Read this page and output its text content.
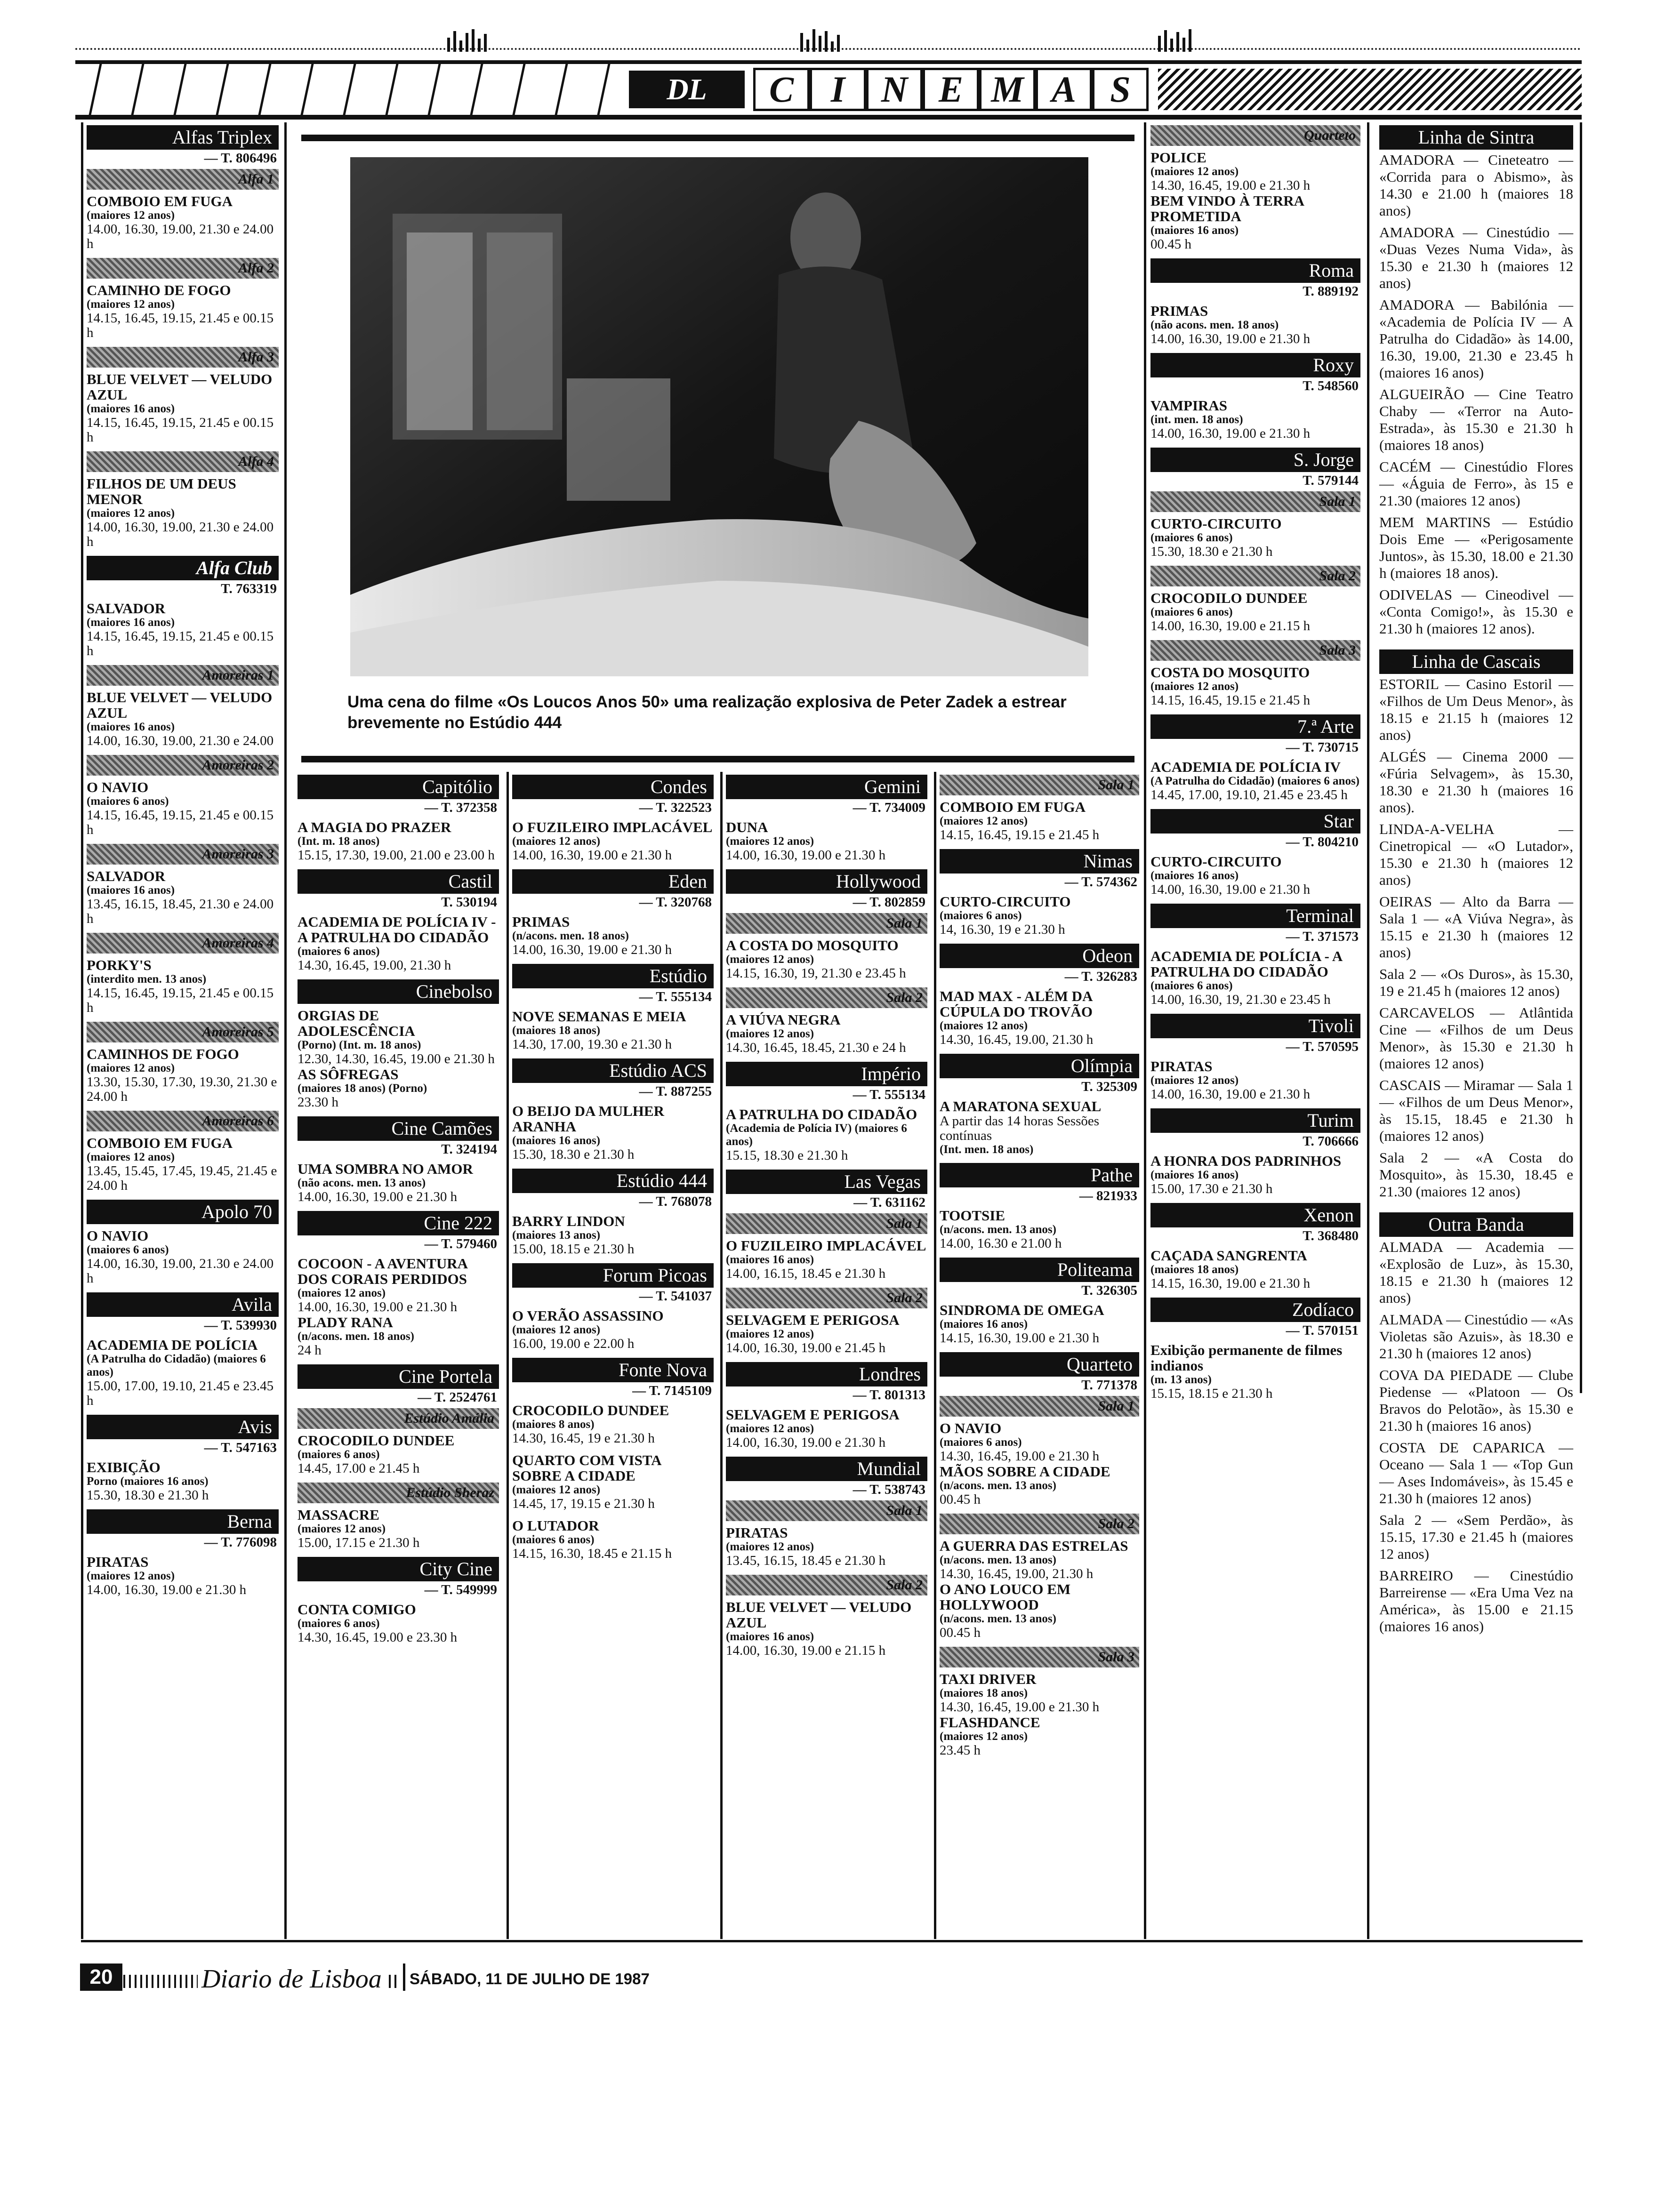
DL	C	I N E M A S
Uma cena do filme «Os Loucos Anos 50» uma realização explosiva de Peter Zadek a estrear brevemente no Estúdio 444
Alfas Triplex
— T. 806496
Alfa 1
COMBOIO EM FUGA
(maiores 12 anos)
14.00, 16.30, 19.00, 21.30 e 24.00 h
Alfa 2
CAMINHO DE FOGO
(maiores 12 anos)
14.15, 16.45, 19.15, 21.45 e 00.15 h
Alfa 3
BLUE VELVET — VELUDO AZUL
(maiores 16 anos)
14.15, 16.45, 19.15, 21.45 e 00.15 h
Alfa 4
FILHOS DE UM DEUS MENOR
(maiores 12 anos)
14.00, 16.30, 19.00, 21.30 e 24.00 h
Alfa Club
T. 763319
SALVADOR
(maiores 16 anos)
14.15, 16.45, 19.15, 21.45 e 00.15 h
Amoreiras 1
BLUE VELVET — VELUDO AZUL
(maiores 16 anos)
14.00, 16.30, 19.00, 21.30 e 24.00
Amoreiras 2
O NAVIO
(maiores 6 anos)
14.15, 16.45, 19.15, 21.45 e 00.15 h
Amoreiras 3
SALVADOR
(maiores 16 anos)
13.45, 16.15, 18.45, 21.30 e 24.00 h
Amoreiras 4
PORKY'S
(interdito men. 13 anos)
14.15, 16.45, 19.15, 21.45 e 00.15 h
Amoreiras 5
CAMINHOS DE FOGO
(maiores 12 anos)
13.30, 15.30, 17.30, 19.30, 21.30 e 24.00 h
Amoreiras 6
COMBOIO EM FUGA
(maiores 12 anos)
13.45, 15.45, 17.45, 19.45, 21.45 e 24.00 h
Apolo 70
O NAVIO
(maiores 6 anos)
14.00, 16.30, 19.00, 21.30 e 24.00 h
Avila
— T. 539930
ACADEMIA DE POLÍCIA
(A Patrulha do Cidadão) (maiores 6 anos)
15.00, 17.00, 19.10, 21.45 e 23.45 h
Avis
— T. 547163
EXIBIÇÃO
Porno (maiores 16 anos)
15.30, 18.30 e 21.30 h
Berna
— T. 776098
PIRATAS
(maiores 12 anos)
14.00, 16.30, 19.00 e 21.30 h
Capitólio
— T. 372358
A MAGIA DO PRAZER
(Int. m. 18 anos)
15.15, 17.30, 19.00, 21.00 e 23.00 h
Castil
T. 530194
ACADEMIA DE POLÍCIA IV - A PATRULHA DO CIDADÃO
(maiores 6 anos)
14.30, 16.45, 19.00, 21.30 h
Cinebolso
ORGIAS DE ADOLESCÊNCIA
(Porno) (Int. m. 18 anos)
12.30, 14.30, 16.45, 19.00 e 21.30 h
AS SÔFREGAS
(maiores 18 anos) (Porno)
23.30 h
Cine Camões
T. 324194
UMA SOMBRA NO AMOR
(não acons. men. 13 anos)
14.00, 16.30, 19.00 e 21.30 h
Cine 222
— T. 579460
COCOON - A AVENTURA DOS CORAIS PERDIDOS
(maiores 12 anos)
14.00, 16.30, 19.00 e 21.30 h
PLADY RANA
(n/acons. men. 18 anos)
24 h
Cine Portela
— T. 2524761
Estúdio Amália
CROCODILO DUNDEE
(maiores 6 anos)
14.45, 17.00 e 21.45 h
Estúdio Sheraz
MASSACRE
(maiores 12 anos)
15.00, 17.15 e 21.30 h
City Cine
— T. 549999
CONTA COMIGO
(maiores 6 anos)
14.30, 16.45, 19.00 e 23.30 h
Condes
— T. 322523
O FUZILEIRO IMPLACÁVEL
(maiores 12 anos)
14.00, 16.30, 19.00 e 21.30 h
Eden
— T. 320768
PRIMAS
(n/acons. men. 18 anos)
14.00, 16.30, 19.00 e 21.30 h
Estúdio
— T. 555134
NOVE SEMANAS E MEIA
(maiores 18 anos)
14.30, 17.00, 19.30 e 21.30 h
Estúdio ACS
— T. 887255
O BEIJO DA MULHER ARANHA
(maiores 16 anos)
15.30, 18.30 e 21.30 h
Estúdio 444
— T. 768078
BARRY LINDON
(maiores 13 anos)
15.00, 18.15 e 21.30 h
Forum Picoas
— T. 541037
O VERÃO ASSASSINO
(maiores 12 anos)
16.00, 19.00 e 22.00 h
Fonte Nova
— T. 7145109
CROCODILO DUNDEE
(maiores 8 anos)
14.30, 16.45, 19 e 21.30 h
QUARTO COM VISTA SOBRE A CIDADE
(maiores 12 anos)
14.45, 17, 19.15 e 21.30 h
O LUTADOR
(maiores 6 anos)
14.15, 16.30, 18.45 e 21.15 h
Gemini
— T. 734009
DUNA
(maiores 12 anos)
14.00, 16.30, 19.00 e 21.30 h
Hollywood
— T. 802859
Sala 1
A COSTA DO MOSQUITO
(maiores 12 anos)
14.15, 16.30, 19, 21.30 e 23.45 h
Sala 2
A VIÚVA NEGRA
(maiores 12 anos)
14.30, 16.45, 18.45, 21.30 e 24 h
Império
— T. 555134
A PATRULHA DO CIDADÃO
(Academia de Polícia IV) (maiores 6 anos)
15.15, 18.30 e 21.30 h
Las Vegas
— T. 631162
Sala 1
O FUZILEIRO IMPLACÁVEL
(maiores 16 anos)
14.00, 16.15, 18.45 e 21.30 h
Sala 2
SELVAGEM E PERIGOSA
(maiores 12 anos)
14.00, 16.30, 19.00 e 21.45 h
Londres
— T. 801313
SELVAGEM E PERIGOSA
(maiores 12 anos)
14.00, 16.30, 19.00 e 21.30 h
Mundial
— T. 538743
Sala 1
PIRATAS
(maiores 12 anos)
13.45, 16.15, 18.45 e 21.30 h
Sala 2
BLUE VELVET — VELUDO AZUL
(maiores 16 anos)
14.00, 16.30, 19.00 e 21.15 h
Sala 1
COMBOIO EM FUGA
(maiores 12 anos)
14.15, 16.45, 19.15 e 21.45 h
Nimas
— T. 574362
CURTO-CIRCUITO
(maiores 6 anos)
14, 16.30, 19 e 21.30 h
Odeon
— T. 326283
MAD MAX - ALÉM DA CÚPULA DO TROVÃO
(maiores 12 anos)
14.30, 16.45, 19.00, 21.30 h
Olímpia
T. 325309
A MARATONA SEXUAL
A partir das 14 horas Sessões contínuas
(Int. men. 18 anos)
Pathe
— 821933
TOOTSIE
(n/acons. men. 13 anos)
14.00, 16.30 e 21.00 h
Politeama
T. 326305
SINDROMA DE OMEGA
(maiores 16 anos)
14.15, 16.30, 19.00 e 21.30 h
Quarteto
T. 771378
Sala 1
O NAVIO
(maiores 6 anos)
14.30, 16.45, 19.00 e 21.30 h
MÃOS SOBRE A CIDADE
(n/acons. men. 13 anos)
00.45 h
Sala 2
A GUERRA DAS ESTRELAS
(n/acons. men. 13 anos)
14.30, 16.45, 19.00, 21.30 h
O ANO LOUCO EM HOLLYWOOD
(n/acons. men. 13 anos)
00.45 h
Sala 3
TAXI DRIVER
(maiores 18 anos)
14.30, 16.45, 19.00 e 21.30 h
FLASHDANCE
(maiores 12 anos)
23.45 h
Quarteto
POLICE
(maiores 12 anos)
14.30, 16.45, 19.00 e 21.30 h
BEM VINDO À TERRA PROMETIDA
(maiores 16 anos)
00.45 h
Roma
T. 889192
PRIMAS
(não acons. men. 18 anos)
14.00, 16.30, 19.00 e 21.30 h
Roxy
T. 548560
VAMPIRAS
(int. men. 18 anos)
14.00, 16.30, 19.00 e 21.30 h
S. Jorge
T. 579144
Sala 1
CURTO-CIRCUITO
(maiores 6 anos)
15.30, 18.30 e 21.30 h
Sala 2
CROCODILO DUNDEE
(maiores 6 anos)
14.00, 16.30, 19.00 e 21.15 h
Sala 3
COSTA DO MOSQUITO
(maiores 12 anos)
14.15, 16.45, 19.15 e 21.45 h
7.ª Arte
— T. 730715
ACADEMIA DE POLÍCIA IV
(A Patrulha do Cidadão) (maiores 6 anos)
14.45, 17.00, 19.10, 21.45 e 23.45 h
Star
— T. 804210
CURTO-CIRCUITO
(maiores 16 anos)
14.00, 16.30, 19.00 e 21.30 h
Terminal
— T. 371573
ACADEMIA DE POLÍCIA - A PATRULHA DO CIDADÃO
(maiores 6 anos)
14.00, 16.30, 19, 21.30 e 23.45 h
Tivoli
— T. 570595
PIRATAS
(maiores 12 anos)
14.00, 16.30, 19.00 e 21.30 h
Turim
T. 706666
A HONRA DOS PADRINHOS
(maiores 16 anos)
15.00, 17.30 e 21.30 h
Xenon
T. 368480
CAÇADA SANGRENTA
(maiores 18 anos)
14.15, 16.30, 19.00 e 21.30 h
Zodíaco
— T. 570151
Exibição permanente de filmes indianos
(m. 13 anos)
15.15, 18.15 e 21.30 h
Linha de Sintra
AMADORA — Cineteatro — «Corrida para o Abismo», às 14.30 e 21.00 h (maiores 18 anos)
AMADORA — Cinestúdio — «Duas Vezes Numa Vida», às 15.30 e 21.30 h (maiores 12 anos)
AMADORA — Babilónia — «Academia de Polícia IV — A Patrulha do Cidadão» às 14.00, 16.30, 19.00, 21.30 e 23.45 h (maiores 16 anos)
ALGUEIRÃO — Cine Teatro Chaby — «Terror na Auto-Estrada», às 15.30 e 21.30 h (maiores 18 anos)
CACÉM — Cinestúdio Flores — «Águia de Ferro», às 15 e 21.30 (maiores 12 anos)
MEM MARTINS — Estúdio Dois Eme — «Perigosamente Juntos», às 15.30, 18.00 e 21.30 h (maiores 18 anos).
ODIVELAS — Cineodivel — «Conta Comigo!», às 15.30 e 21.30 h (maiores 12 anos).
Linha de Cascais
ESTORIL — Casino Estoril — «Filhos de Um Deus Menor», às 18.15 e 21.15 h (maiores 12 anos)
ALGÉS — Cinema 2000 — «Fúria Selvagem», às 15.30, 18.30 e 21.30 h (maiores 16 anos).
LINDA-A-VELHA — Cinetropical — «O Lutador», 15.30 e 21.30 h (maiores 12 anos)
OEIRAS — Alto da Barra — Sala 1 — «A Viúva Negra», às 15.15 e 21.30 h (maiores 12 anos)
Sala 2 — «Os Duros», às 15.30, 19 e 21.45 h (maiores 12 anos)
CARCAVELOS — Atlântida Cine — «Filhos de um Deus Menor», às 15.30 e 21.30 h (maiores 12 anos)
CASCAIS — Miramar — Sala 1 — «Filhos de um Deus Menor», às 15.15, 18.45 e 21.30 h (maiores 12 anos)
Sala 2 — «A Costa do Mosquito», às 15.30, 18.45 e 21.30 (maiores 12 anos)
Outra Banda
ALMADA — Academia — «Explosão de Luz», às 15.30, 18.15 e 21.30 h (maiores 12 anos)
ALMADA — Cinestúdio — «As Violetas são Azuis», às 18.30 e 21.30 h (maiores 12 anos)
COVA DA PIEDADE — Clube Piedense — «Platoon — Os Bravos do Pelotão», às 15.30 e 21.30 h (maiores 16 anos)
COSTA DE CAPARICA — Oceano — Sala 1 — «Top Gun — Ases Indomáveis», às 15.45 e 21.30 h (maiores 12 anos)
Sala 2 — «Sem Perdão», às 15.15, 17.30 e 21.45 h (maiores 12 anos)
BARREIRO — Cinestúdio Barreirense — «Era Uma Vez na América», às 15.00 e 21.15 (maiores 16 anos)
20	Diario de Lisboa SÁBADO, 11 DE JULHO DE 1987
